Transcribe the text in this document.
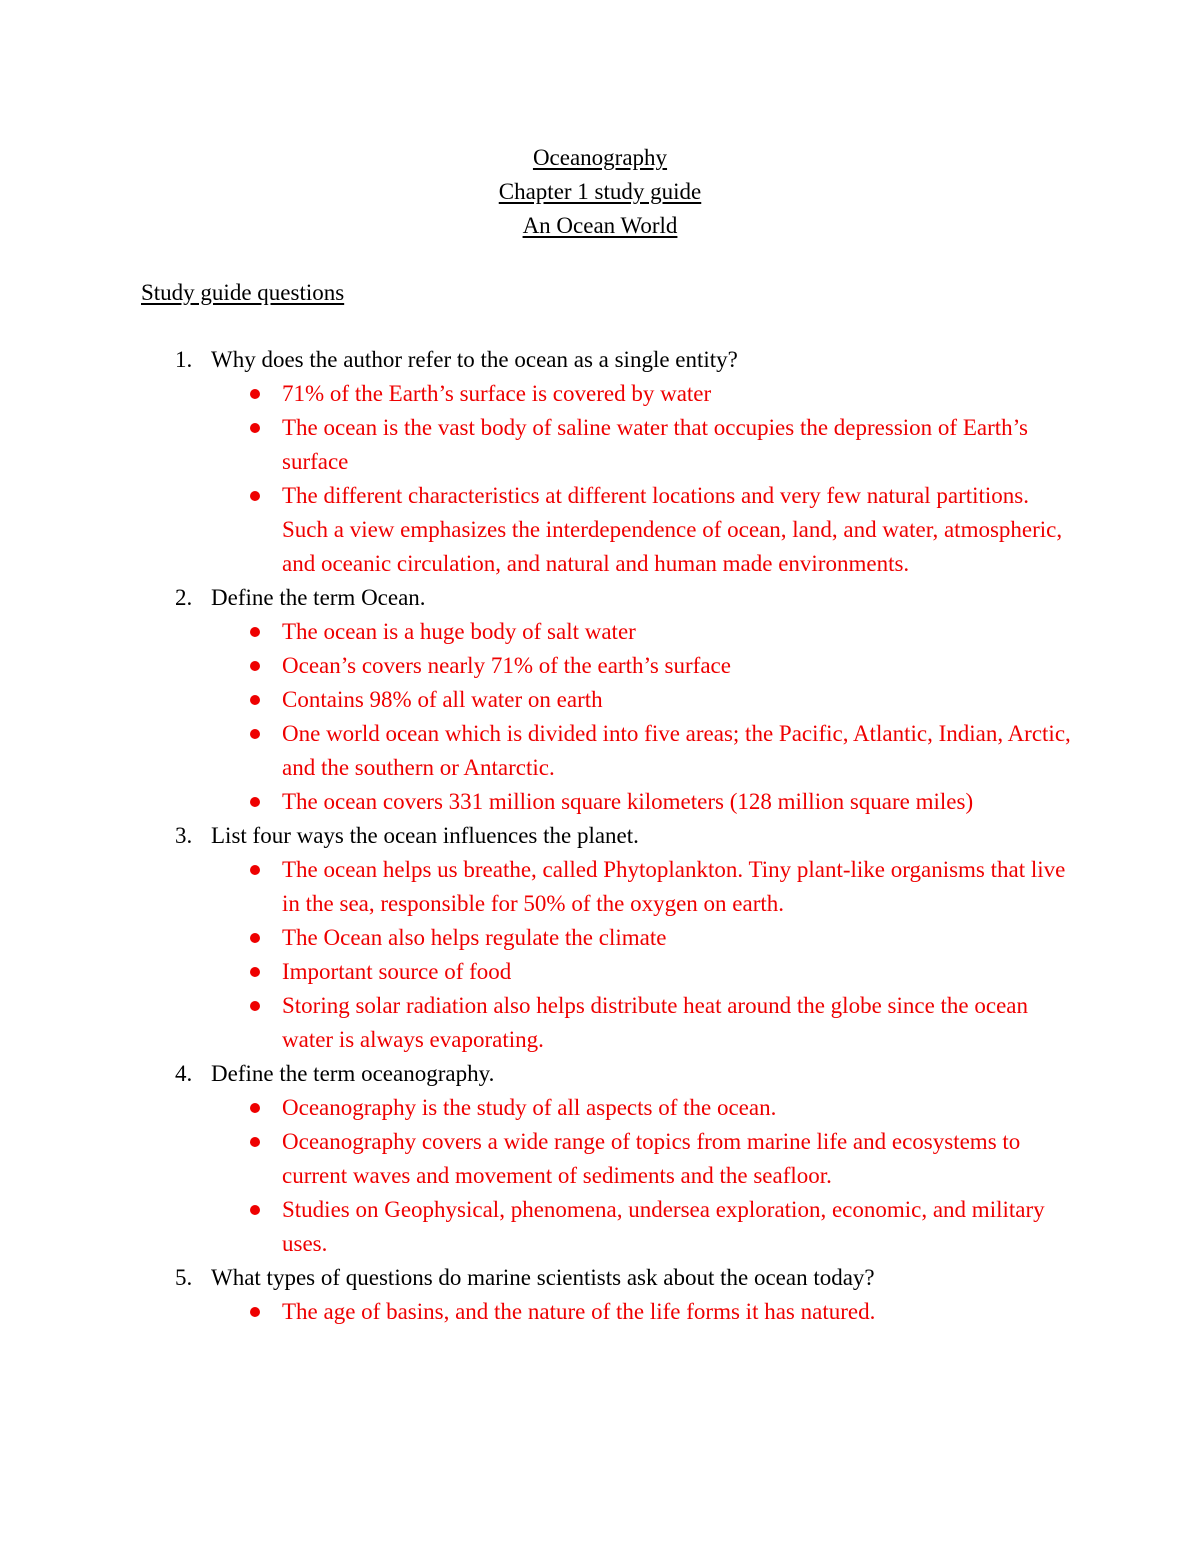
Oceanography
Chapter 1 study guide
An Ocean World
Study guide questions
1. Why does the author refer to the ocean as a single entity?
71% of the Earth’s surface is covered by water
The ocean is the vast body of saline water that occupies the depression of Earth’s surface
The different characteristics at different locations and very few natural partitions. Such a view emphasizes the interdependence of ocean, land, and water, atmospheric, and oceanic circulation, and natural and human made environments.
2. Define the term Ocean.
The ocean is a huge body of salt water
Ocean’s covers nearly 71% of the earth’s surface
Contains 98% of all water on earth
One world ocean which is divided into five areas; the Pacific, Atlantic, Indian, Arctic, and the southern or Antarctic.
The ocean covers 331 million square kilometers (128 million square miles)
3. List four ways the ocean influences the planet.
The ocean helps us breathe, called Phytoplankton. Tiny plant-like organisms that live in the sea, responsible for 50% of the oxygen on earth.
The Ocean also helps regulate the climate
Important source of food
Storing solar radiation also helps distribute heat around the globe since the ocean water is always evaporating.
4. Define the term oceanography.
Oceanography is the study of all aspects of the ocean.
Oceanography covers a wide range of topics from marine life and ecosystems to current waves and movement of sediments and the seafloor.
Studies on Geophysical, phenomena, undersea exploration, economic, and military uses.
5. What types of questions do marine scientists ask about the ocean today?
The age of basins, and the nature of the life forms it has natured.
